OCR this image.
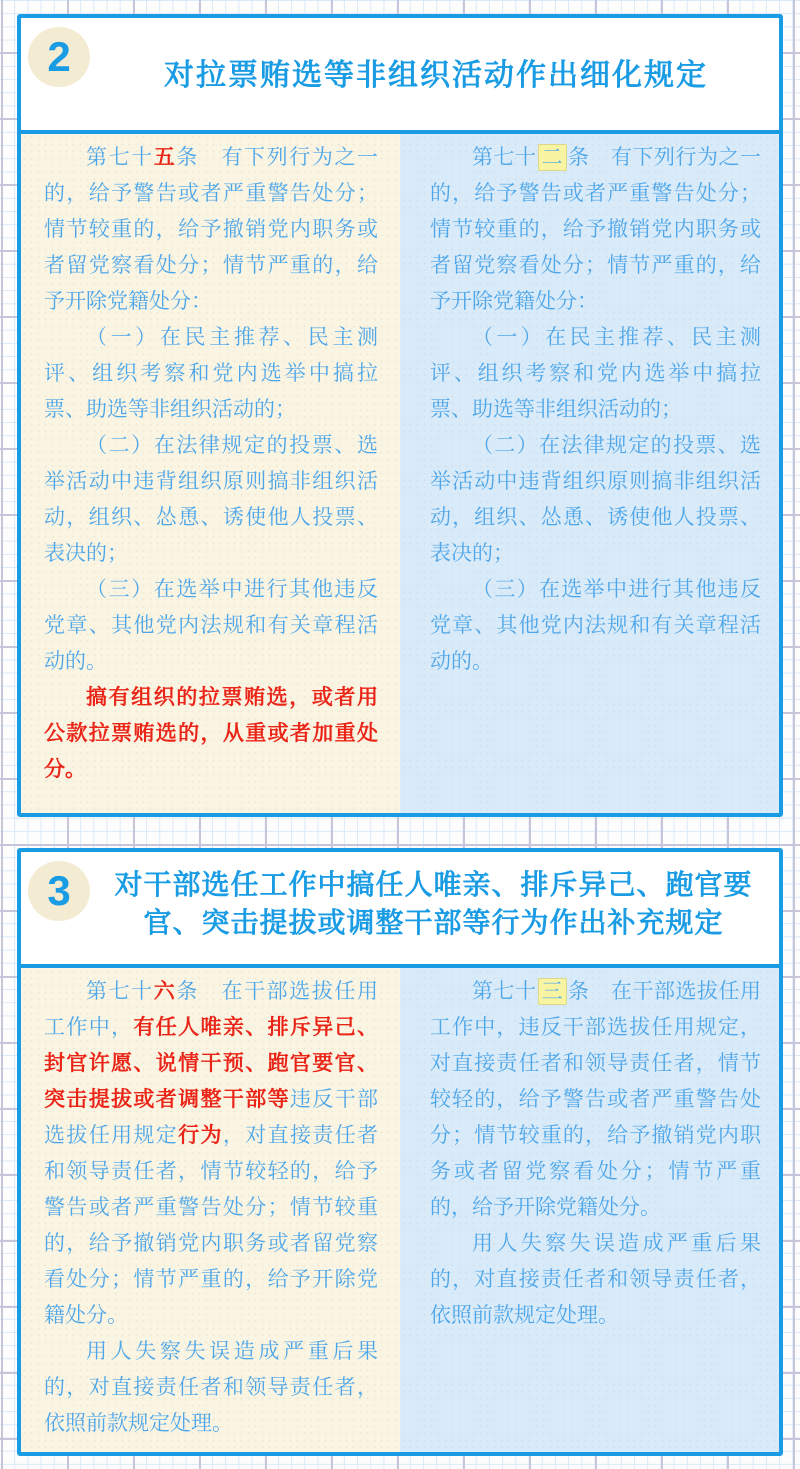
2	对拉票贿选等非组织活动作出细化规定

第七十五条　有下列行为之一的，给予警告或者严重警告处分；情节较重的，给予撤销党内职务或者留党察看处分；情节严重的，给予开除党籍处分：

（一）在民主推荐、民主测评、组织考察和党内选举中搞拉票、助选等非组织活动的；

（二）在法律规定的投票、选举活动中违背组织原则搞非组织活动，组织、怂恿、诱使他人投票、表决的；

（三）在选举中进行其他违反党章、其他党内法规和有关章程活动的。

搞有组织的拉票贿选，或者用公款拉票贿选的，从重或者加重处分。

第七十 二 条　有下列行为之一的，给予警告或者严重警告处分；情节较重的，给予撤销党内职务或者留党察看处分；情节严重的，给予开除党籍处分：

（一）在民主推荐、民主测评、组织考察和党内选举中搞拉票、助选等非组织活动的；

（二）在法律规定的投票、选举活动中违背组织原则搞非组织活动，组织、怂恿、诱使他人投票、表决的；

（三）在选举中进行其他违反党章、其他党内法规和有关章程活动的。

3	对干部选任工作中搞任人唯亲、排斥异己、跑官要官、突击提拔或调整干部等行为作出补充规定

第七十六条　在干部选拔任用工作中，有任人唯亲、排斥异己、封官许愿、说情干预、跑官要官、突击提拔或者调整干部等违反干部选拔任用规定行为，对直接责任者和领导责任者，情节较轻的，给予警告或者严重警告处分；情节较重的，给予撤销党内职务或者留党察看处分；情节严重的，给予开除党籍处分。

用人失察失误造成严重后果的，对直接责任者和领导责任者，依照前款规定处理。

第七十 三 条　在干部选拔任用工作中，违反干部选拔任用规定，对直接责任者和领导责任者，情节较轻的，给予警告或者严重警告处分；情节较重的，给予撤销党内职务或者留党察看处分；情节严重的，给予开除党籍处分。

用人失察失误造成严重后果的，对直接责任者和领导责任者，依照前款规定处理。
